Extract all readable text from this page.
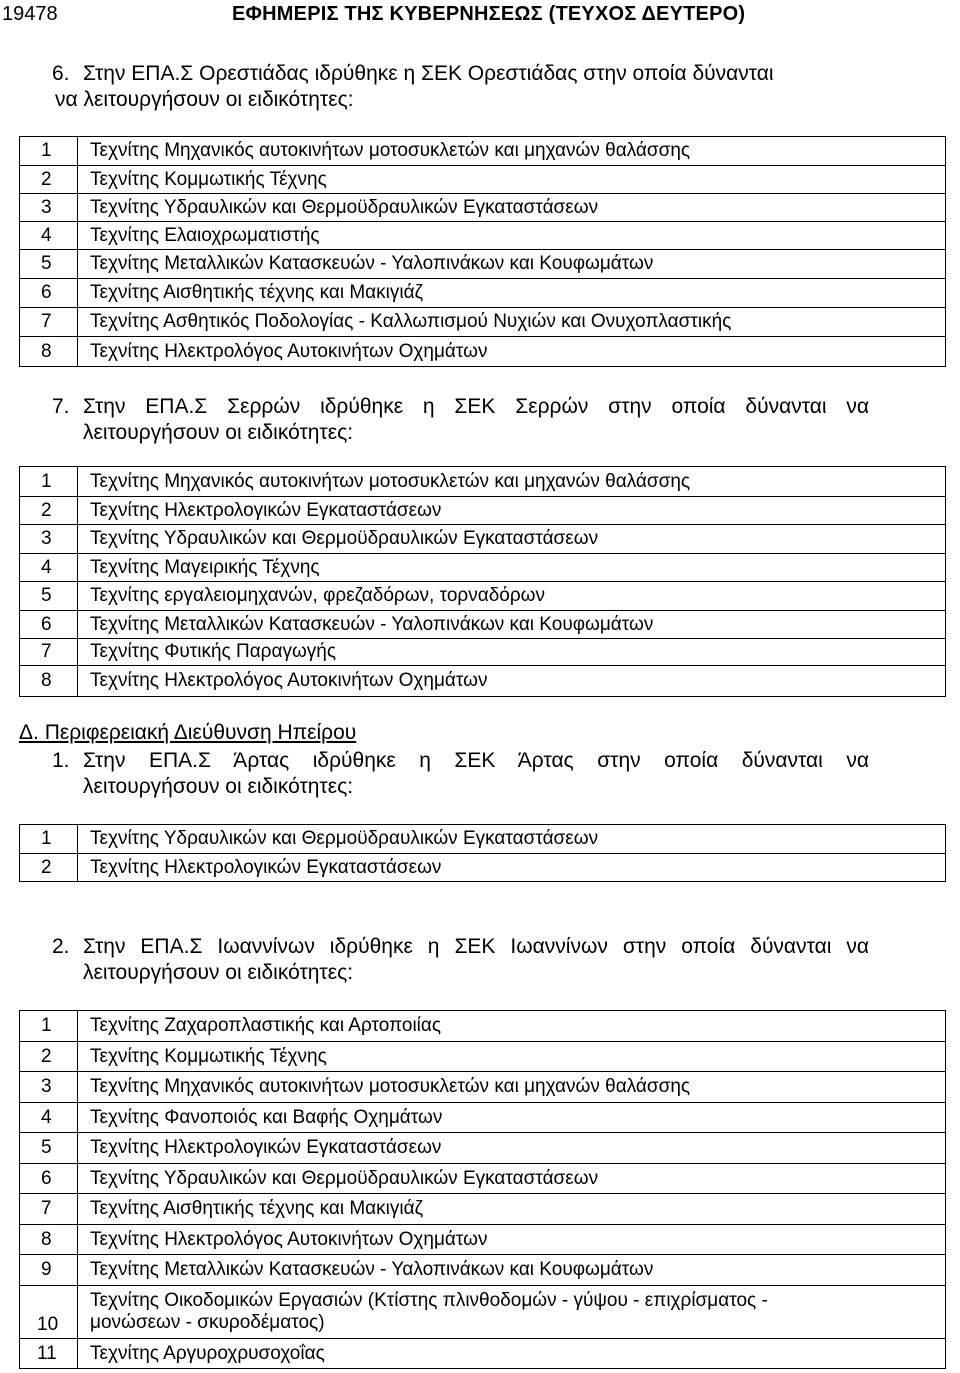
19478	ΕΦΗΜΕΡΙΣ ΤΗΣ ΚΥΒΕΡΝΗΣΕΩΣ (ΤΕΥΧΟΣ ΔΕΥΤΕΡΟ)
6. Στην ΕΠΑ.Σ Ορεστιάδας ιδρύθηκε η ΣΕΚ Ορεστιάδας στην οποία δύνανται
να λειτουργήσουν οι ειδικότητες:
1	Τεχνίτης Μηχανικός αυτοκινήτων μοτοσυκλετών και μηχανών θαλάσσης
2	Τεχνίτης Κομμωτικής Τέχνης
3	Τεχνίτης Υδραυλικών και Θερμοϋδραυλικών Εγκαταστάσεων
4	Τεχνίτης Ελαιοχρωματιστής
5	Τεχνίτης Μεταλλικών Κατασκευών - Υαλοπινάκων και Κουφωμάτων
6	Τεχνίτης Αισθητικής τέχνης και Μακιγιάζ
7	Τεχνίτης Ασθητικός Ποδολογίας - Καλλωπισμού Νυχιών και Ονυχοπλαστικής
8	Τεχνίτης Ηλεκτρολόγος Αυτοκινήτων Οχημάτων
7. Στην ΕΠΑ.Σ Σερρών ιδρύθηκε η ΣΕΚ Σερρών στην οποία δύνανται να
λειτουργήσουν οι ειδικότητες:
1	Τεχνίτης Μηχανικός αυτοκινήτων μοτοσυκλετών και μηχανών θαλάσσης
2	Τεχνίτης Ηλεκτρολογικών Εγκαταστάσεων
3	Τεχνίτης Υδραυλικών και Θερμοϋδραυλικών Εγκαταστάσεων
4	Τεχνίτης Μαγειρικής Τέχνης
5	Τεχνίτης εργαλειομηχανών, φρεζαδόρων, τορναδόρων
6	Τεχνίτης Μεταλλικών Κατασκευών - Υαλοπινάκων και Κουφωμάτων
7	Τεχνίτης Φυτικής Παραγωγής
8	Τεχνίτης Ηλεκτρολόγος Αυτοκινήτων Οχημάτων
Δ. Περιφερειακή Διεύθυνση Ηπείρου
1. Στην ΕΠΑ.Σ Άρτας ιδρύθηκε η ΣΕΚ Άρτας στην οποία δύνανται να
λειτουργήσουν οι ειδικότητες:
1	Τεχνίτης Υδραυλικών και Θερμοϋδραυλικών Εγκαταστάσεων
2	Τεχνίτης Ηλεκτρολογικών Εγκαταστάσεων
2. Στην ΕΠΑ.Σ Ιωαννίνων ιδρύθηκε η ΣΕΚ Ιωαννίνων στην οποία δύνανται να
λειτουργήσουν οι ειδικότητες:
1	Τεχνίτης Ζαχαροπλαστικής και Αρτοποιίας
2	Τεχνίτης Κομμωτικής Τέχνης
3	Τεχνίτης Μηχανικός αυτοκινήτων μοτοσυκλετών και μηχανών θαλάσσης
4	Τεχνίτης Φανοποιός και Βαφής Οχημάτων
5	Τεχνίτης Ηλεκτρολογικών Εγκαταστάσεων
6	Τεχνίτης Υδραυλικών και Θερμοϋδραυλικών Εγκαταστάσεων
7	Τεχνίτης Αισθητικής τέχνης και Μακιγιάζ
8	Τεχνίτης Ηλεκτρολόγος Αυτοκινήτων Οχημάτων
9	Τεχνίτης Μεταλλικών Κατασκευών - Υαλοπινάκων και Κουφωμάτων
10	Τεχνίτης Οικοδομικών Εργασιών (Κτίστης πλινθοδομών - γύψου - επιχρίσματος -
μονώσεων - σκυροδέματος)

11	Τεχνίτης Αργυροχρυσοχοΐας
